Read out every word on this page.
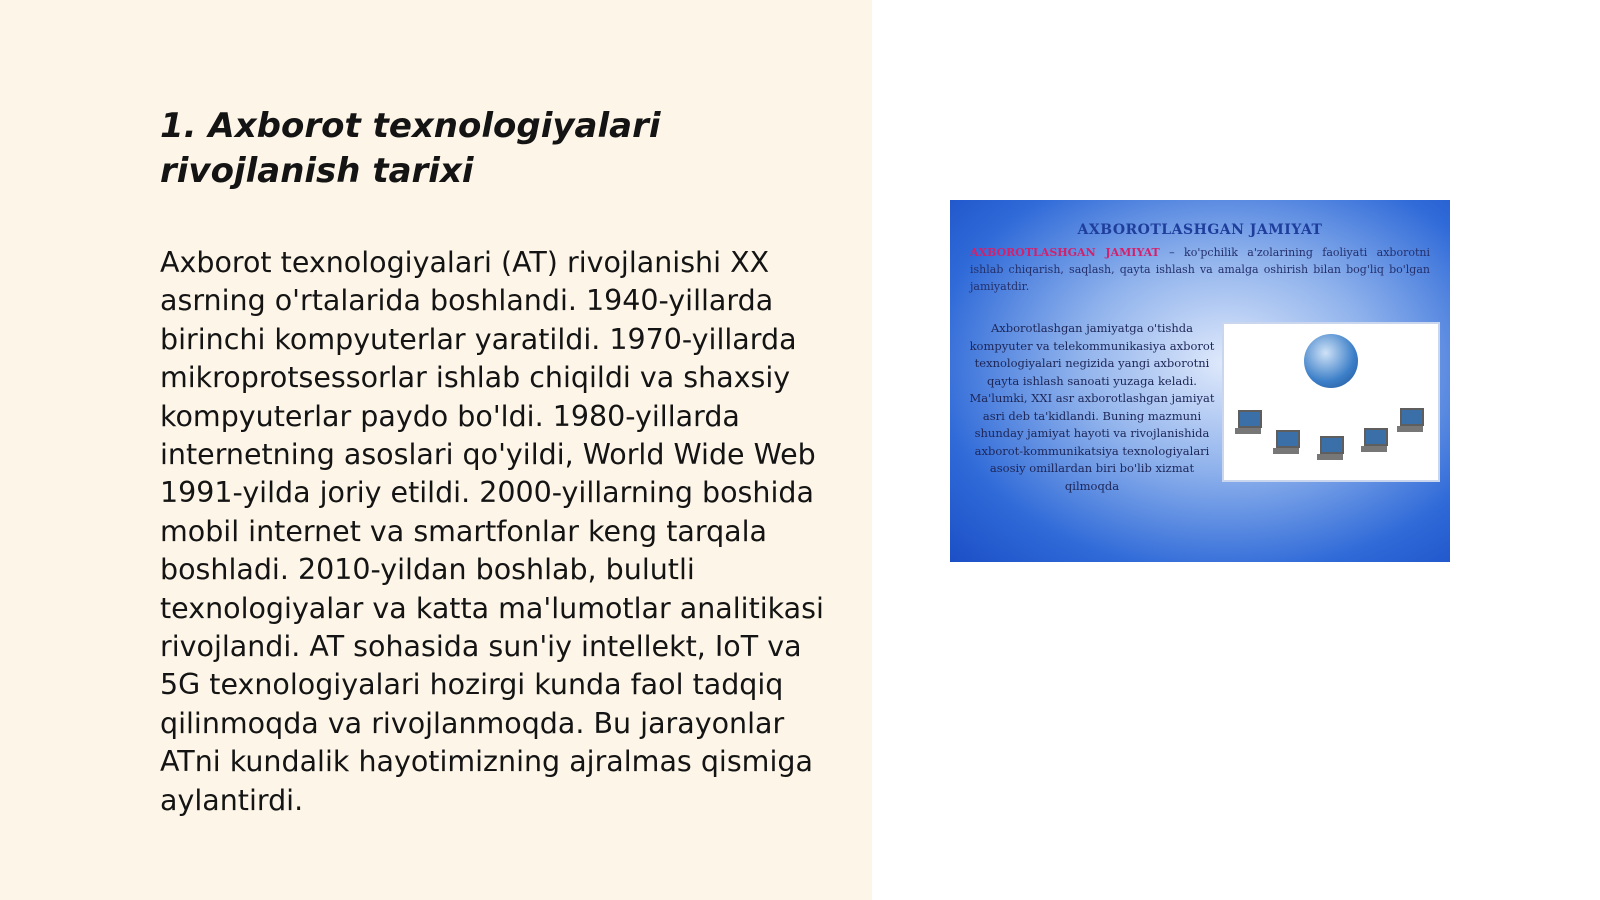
1. Axborot texnologiyalari rivojlanish tarixi

Axborot texnologiyalari (AT) rivojlanishi XX asrning o'rtalarida boshlandi. 1940-yillarda birinchi kompyuterlar yaratildi. 1970-yillarda mikroprotsessorlar ishlab chiqildi va shaxsiy kompyuterlar paydo bo'ldi. 1980-yillarda internetning asoslari qo'yildi, World Wide Web 1991-yilda joriy etildi. 2000-yillarning boshida mobil internet va smartfonlar keng tarqala boshladi. 2010-yildan boshlab, bulutli texnologiyalar va katta ma'lumotlar analitikasi rivojlandi. AT sohasida sun'iy intellekt, IoT va 5G texnologiyalari hozirgi kunda faol tadqiq qilinmoqda va rivojlanmoqda. Bu jarayonlar ATni kundalik hayotimizning ajralmas qismiga aylantirdi.

AXBOROTLASHGAN JAMIYAT
AXBOROTLASHGAN JAMIYAT – ko'pchilik a'zolarining faoliyati axborotni ishlab chiqarish, saqlash, qayta ishlash va amalga oshirish bilan bog'liq bo'lgan jamiyatdir.
Axborotlashgan jamiyatga o'tishda kompyuter va telekommunikasiya axborot texnologiyalari negizida yangi axborotni qayta ishlash sanoati yuzaga keladi. Ma'lumki, XXI asr axborotlashgan jamiyat asri deb ta'kidlandi. Buning mazmuni shunday jamiyat hayoti va rivojlanishida axborot-kommunikatsiya texnologiyalari asosiy omillardan biri bo'lib xizmat qilmoqda
